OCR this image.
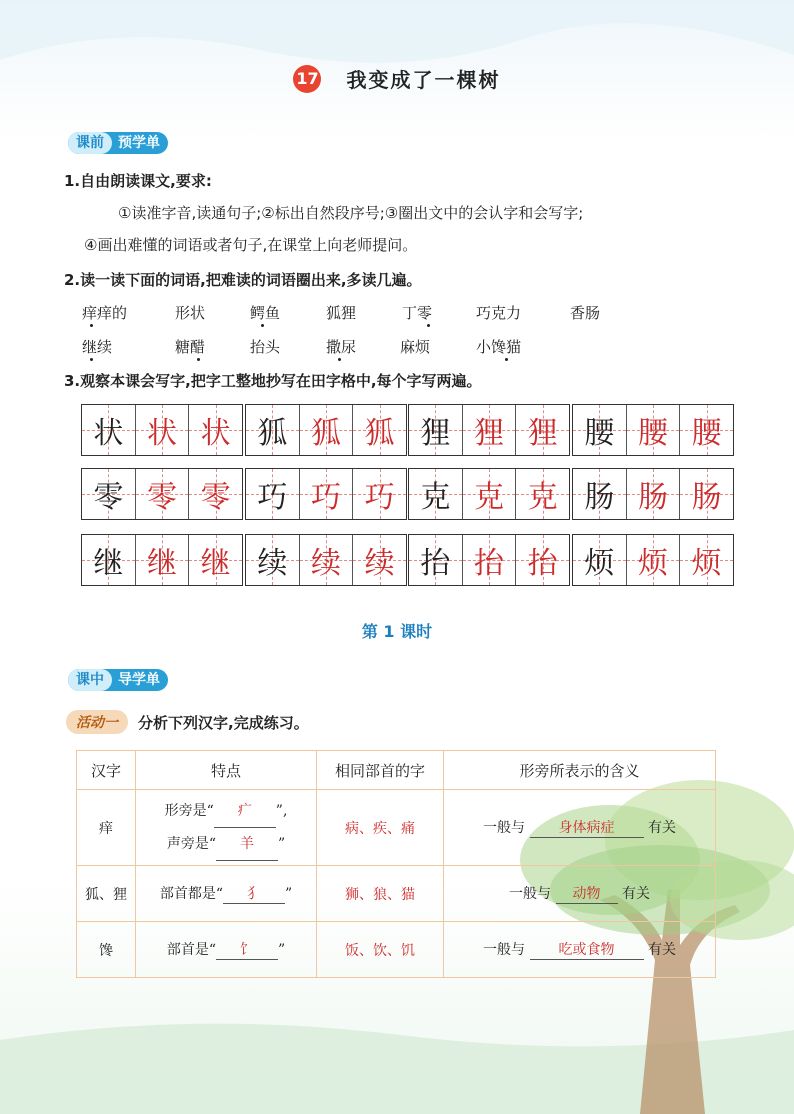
17 我变成了一棵树
课前	预学单
1.自由朗读课文,要求:
①读准字音,读通句子;②标出自然段序号;③圈出文中的会认字和会写字;
④画出难懂的词语或者句子,在课堂上向老师提问。
2.读一读下面的词语,把难读的词语圈出来,多读几遍。
痒痒的	形状	鳄鱼	狐狸	丁零	巧克力	香肠
继续	糖醋	抬头	撒尿	麻烦	小馋猫
3.观察本课会写字,把字工整地抄写在田字格中,每个字写两遍。
状 状 状 狐 狐 狐 狸 狸 狸 腰 腰 腰
零 零 零 巧 巧 巧 克 克 克 肠 肠 肠
继 继 继 续 续 续 抬 抬 抬 烦 烦 烦
第 1 课时
课中	导学单
活动一	分析下列汉字,完成练习。
汉字	特点	相同部首的字	形旁所表示的含义
痒	形旁是“ 疒 ”,
声旁是“ 羊 ”	病、疾、痛	一般与 身体病症 有关
狐、狸	部首都是“ 犭 ”	狮、狼、猫	一般与 动物 有关
馋	部首是“ 饣 ”	饭、饮、饥	一般与 吃或食物 有关
